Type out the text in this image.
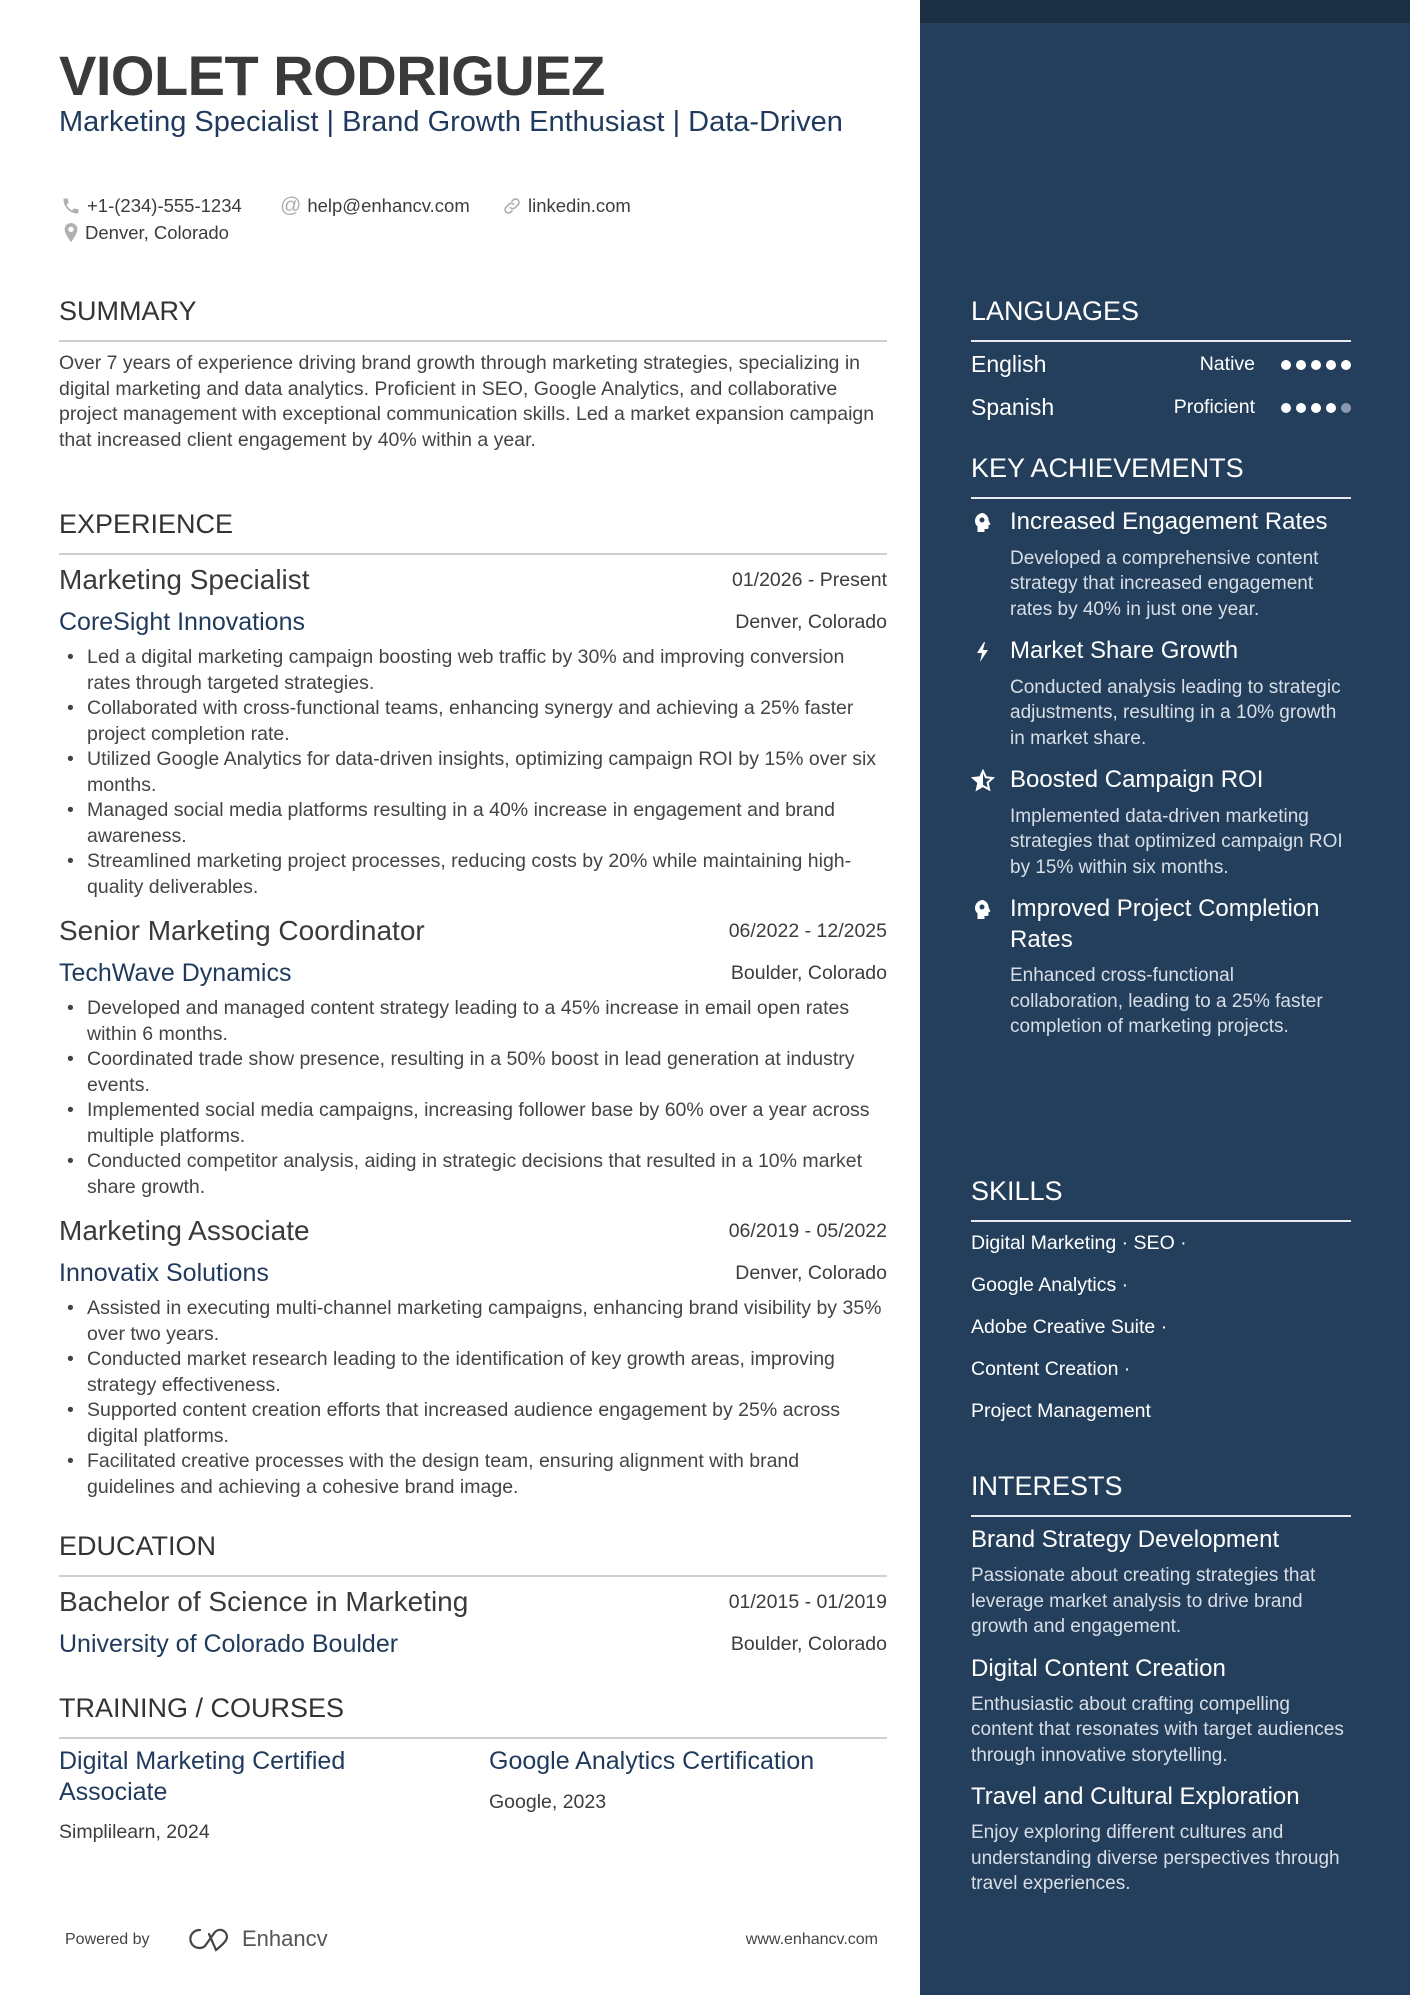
VIOLET RODRIGUEZ
Marketing Specialist | Brand Growth Enthusiast | Data-Driven
+1-(234)-555-1234 @ help@enhancv.com	linkedin.com
Denver, Colorado
SUMMARY
Over 7 years of experience driving brand growth through marketing strategies, specializing in digital marketing and data analytics. Proficient in SEO, Google Analytics, and collaborative project management with exceptional communication skills. Led a market expansion campaign that increased client engagement by 40% within a year.
EXPERIENCE
Marketing Specialist	01/2026 - Present
CoreSight Innovations	Denver, Colorado
• Led a digital marketing campaign boosting web traffic by 30% and improving conversion rates through targeted strategies.
• Collaborated with cross-functional teams, enhancing synergy and achieving a 25% faster project completion rate.
• Utilized Google Analytics for data-driven insights, optimizing campaign ROI by 15% over six months.
• Managed social media platforms resulting in a 40% increase in engagement and brand awareness.
• Streamlined marketing project processes, reducing costs by 20% while maintaining high-quality deliverables.
Senior Marketing Coordinator	06/2022 - 12/2025
TechWave Dynamics	Boulder, Colorado
• Developed and managed content strategy leading to a 45% increase in email open rates within 6 months.
• Coordinated trade show presence, resulting in a 50% boost in lead generation at industry events.
• Implemented social media campaigns, increasing follower base by 60% over a year across multiple platforms.
• Conducted competitor analysis, aiding in strategic decisions that resulted in a 10% market share growth.
Marketing Associate	06/2019 - 05/2022
Innovatix Solutions	Denver, Colorado
• Assisted in executing multi-channel marketing campaigns, enhancing brand visibility by 35% over two years.
• Conducted market research leading to the identification of key growth areas, improving strategy effectiveness.
• Supported content creation efforts that increased audience engagement by 25% across digital platforms.
• Facilitated creative processes with the design team, ensuring alignment with brand guidelines and achieving a cohesive brand image.
EDUCATION
Bachelor of Science in Marketing	01/2015 - 01/2019
University of Colorado Boulder	Boulder, Colorado
TRAINING / COURSES
Digital Marketing Certified Associate
Simplilearn, 2024
Google Analytics Certification
Google, 2023
Powered by	Enhancv	www.enhancv.com
LANGUAGES
English	Native
Spanish	Proficient
KEY ACHIEVEMENTS
Increased Engagement Rates
Developed a comprehensive content strategy that increased engagement rates by 40% in just one year.
Market Share Growth
Conducted analysis leading to strategic adjustments, resulting in a 10% growth in market share.
Boosted Campaign ROI
Implemented data-driven marketing strategies that optimized campaign ROI by 15% within six months.
Improved Project Completion Rates
Enhanced cross-functional collaboration, leading to a 25% faster completion of marketing projects.
SKILLS
Digital Marketing · SEO ·
Google Analytics ·
Adobe Creative Suite ·
Content Creation ·
Project Management
INTERESTS
Brand Strategy Development
Passionate about creating strategies that leverage market analysis to drive brand growth and engagement.
Digital Content Creation
Enthusiastic about crafting compelling content that resonates with target audiences through innovative storytelling.
Travel and Cultural Exploration
Enjoy exploring different cultures and understanding diverse perspectives through travel experiences.
